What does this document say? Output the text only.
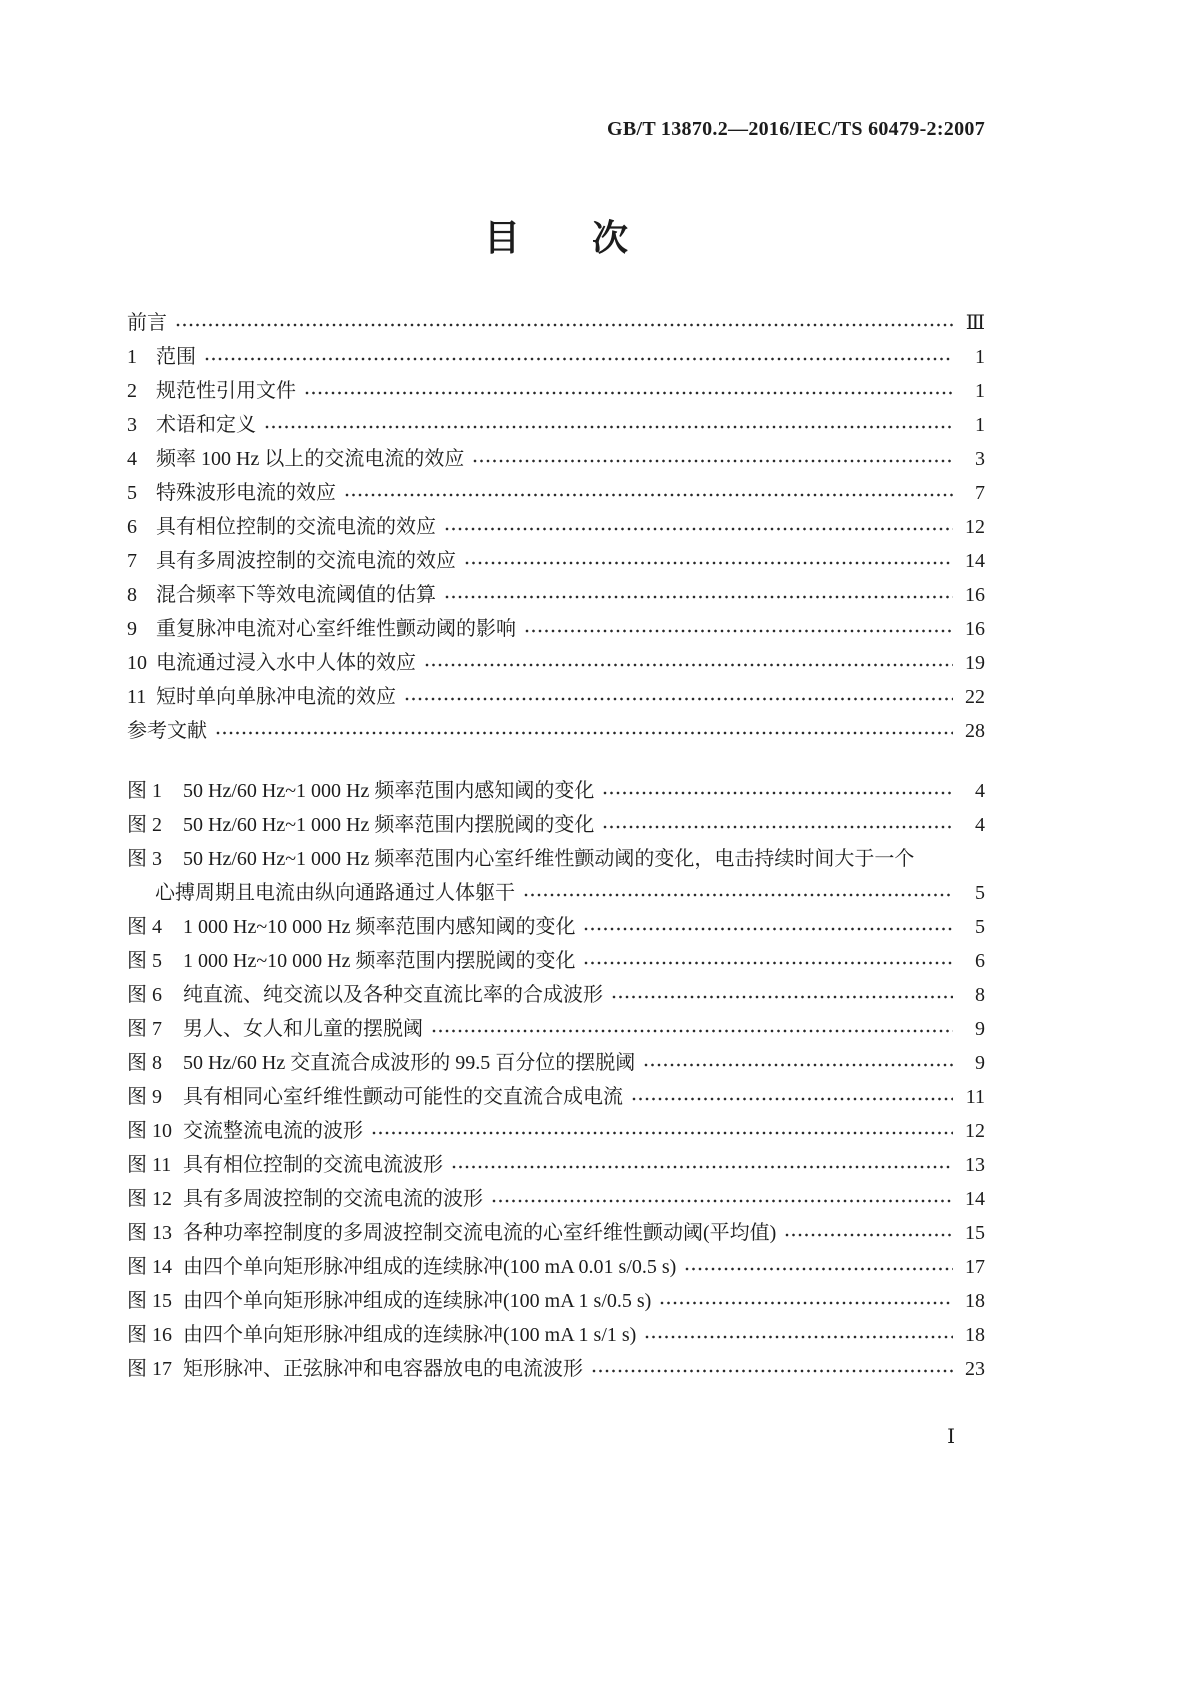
GB/T 13870.2—2016/IEC/TS 60479-2:2007
目　　次
前言	Ⅲ
1 范围	1
2 规范性引用文件	1
3 术语和定义	1
4 频率 100 Hz 以上的交流电流的效应	3
5 特殊波形电流的效应	7
6 具有相位控制的交流电流的效应	12
7 具有多周波控制的交流电流的效应	14
8 混合频率下等效电流阈值的估算	16
9 重复脉冲电流对心室纤维性颤动阈的影响	16
10 电流通过浸入水中人体的效应	19
11 短时单向单脉冲电流的效应	22
参考文献	28
图 1	50 Hz/60 Hz~1 000 Hz 频率范围内感知阈的变化	4
图 2	50 Hz/60 Hz~1 000 Hz 频率范围内摆脱阈的变化	4
图 3	50 Hz/60 Hz~1 000 Hz 频率范围内心室纤维性颤动阈的变化，电击持续时间大于一个
心搏周期且电流由纵向通路通过人体躯干	5
图 4	1 000 Hz~10 000 Hz 频率范围内感知阈的变化	5
图 5	1 000 Hz~10 000 Hz 频率范围内摆脱阈的变化	6
图 6	纯直流、纯交流以及各种交直流比率的合成波形	8
图 7	男人、女人和儿童的摆脱阈	9
图 8	50 Hz/60 Hz 交直流合成波形的 99.5 百分位的摆脱阈	9
图 9	具有相同心室纤维性颤动可能性的交直流合成电流	11
图 10 交流整流电流的波形	12
图 11 具有相位控制的交流电流波形	13
图 12 具有多周波控制的交流电流的波形	14
图 13 各种功率控制度的多周波控制交流电流的心室纤维性颤动阈(平均值)	15
图 14 由四个单向矩形脉冲组成的连续脉冲(100 mA 0.01 s/0.5 s)	17
图 15 由四个单向矩形脉冲组成的连续脉冲(100 mA 1 s/0.5 s)	18
图 16 由四个单向矩形脉冲组成的连续脉冲(100 mA 1 s/1 s)	18
图 17 矩形脉冲、正弦脉冲和电容器放电的电流波形	23
Ⅰ
